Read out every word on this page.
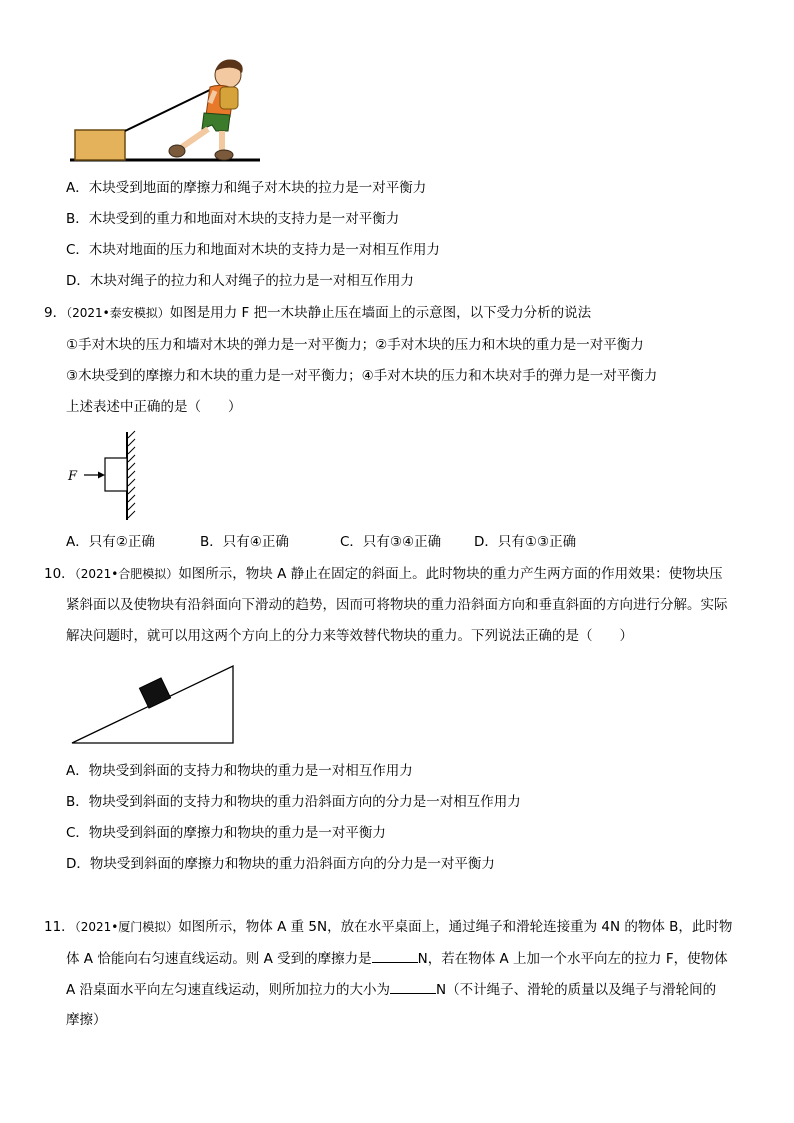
A．木块受到地面的摩擦力和绳子对木块的拉力是一对平衡力
B．木块受到的重力和地面对木块的支持力是一对平衡力
C．木块对地面的压力和地面对木块的支持力是一对相互作用力
D．木块对绳子的拉力和人对绳子的拉力是一对相互作用力
9．（2021•泰安模拟）如图是用力 F 把一木块静止压在墙面上的示意图，以下受力分析的说法
①手对木块的压力和墙对木块的弹力是一对平衡力；②手对木块的压力和木块的重力是一对平衡力
③木块受到的摩擦力和木块的重力是一对平衡力；④手对木块的压力和木块对手的弹力是一对平衡力
上述表述中正确的是（　　）
F
A．只有②正确	B．只有④正确	C．只有③④正确 D．只有①③正确
10．（2021•合肥模拟）如图所示，物块 A 静止在固定的斜面上。此时物块的重力产生两方面的作用效果：使物块压
紧斜面以及使物块有沿斜面向下滑动的趋势，因而可将物块的重力沿斜面方向和垂直斜面的方向进行分解。实际
解决问题时，就可以用这两个方向上的分力来等效替代物块的重力。下列说法正确的是（　　）
A．物块受到斜面的支持力和物块的重力是一对相互作用力
B．物块受到斜面的支持力和物块的重力沿斜面方向的分力是一对相互作用力
C．物块受到斜面的摩擦力和物块的重力是一对平衡力
D．物块受到斜面的摩擦力和物块的重力沿斜面方向的分力是一对平衡力
11．（2021•厦门模拟）如图所示，物体 A 重 5N，放在水平桌面上，通过绳子和滑轮连接重为 4N 的物体 B，此时物
体 A 恰能向右匀速直线运动。则 A 受到的摩擦力是	N，若在物体 A 上加一个水平向左的拉力 F，使物体
A 沿桌面水平向左匀速直线运动，则所加拉力的大小为	N（不计绳子、滑轮的质量以及绳子与滑轮间的
摩擦）
